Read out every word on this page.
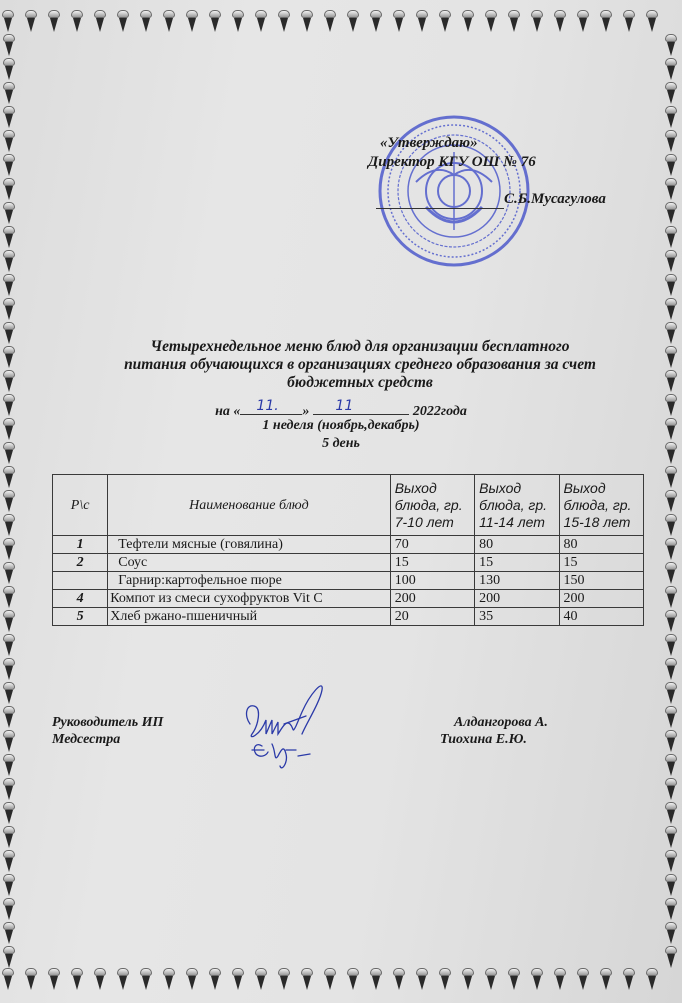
«Утверждаю»
Директор КГУ ОШ № 76
С.Б.Мусагулова
Четырехнедельное меню блюд для организации бесплатного
питания обучающихся в организациях среднего образования за счет
бюджетных средств
на « 11. » 11	2022года
1 неделя (ноябрь,декабрь)
5 день
Р\с	Наименование блюд	Выход блюда, гр. 7-10 лет	Выход блюда, гр. 11-14 лет	Выход блюда, гр. 15-18 лет
1	Тефтели мясные (говялина)	70	80	80
2	Соус	15	15	15
	Гарнир:картофельное пюре	100	130	150
4	Компот из смеси сухофруктов Vit C	200	200	200
5	Хлеб ржано-пшеничный	20	35	40
Руководитель ИП
Медсестра
Алдангорова А.
Тиохина Е.Ю.
